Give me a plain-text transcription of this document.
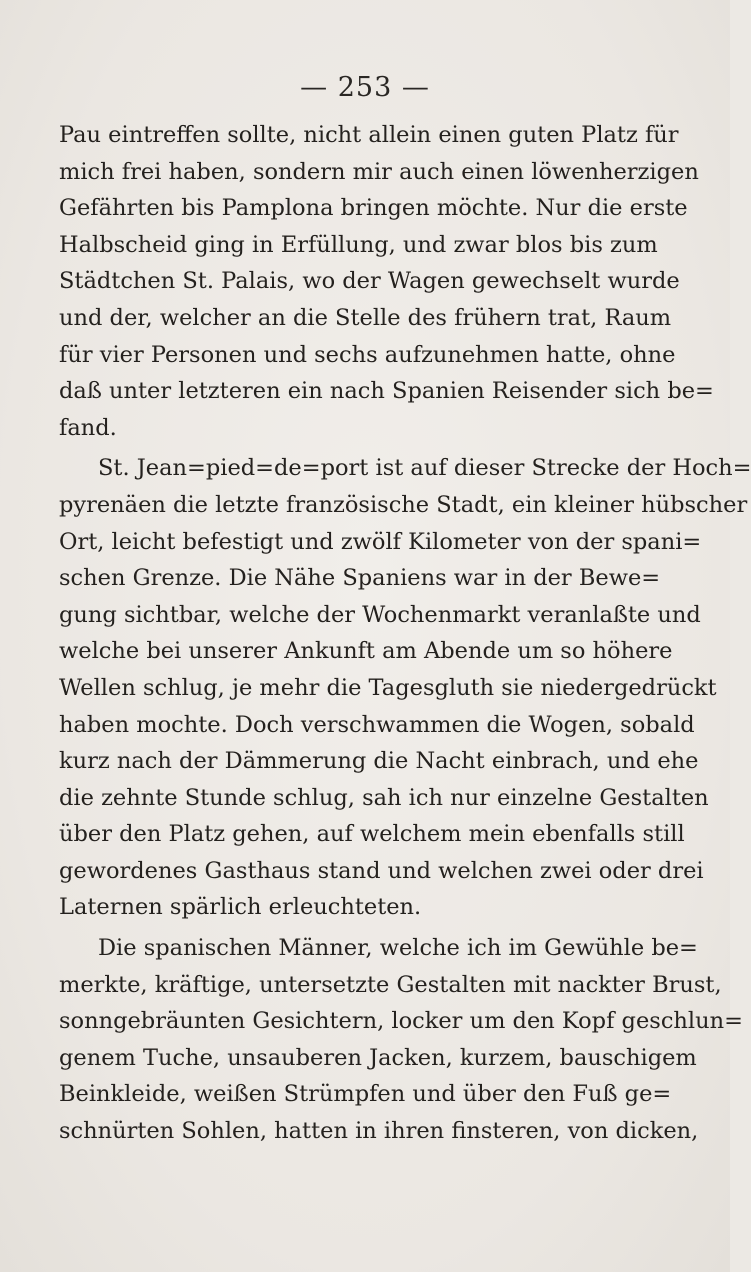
— 253 —
Pau eintreffen sollte, nicht allein einen guten Platz für
mich frei haben, sondern mir auch einen löwenherzigen
Gefährten bis Pamplona bringen möchte. Nur die erste
Halbscheid ging in Erfüllung, und zwar blos bis zum
Städtchen St. Palais, wo der Wagen gewechselt wurde
und der, welcher an die Stelle des frühern trat, Raum
für vier Personen und sechs aufzunehmen hatte, ohne
daß unter letzteren ein nach Spanien Reisender sich be=
fand.
St. Jean=pied=de=port ist auf dieser Strecke der Hoch=
pyrenäen die letzte französische Stadt, ein kleiner hübscher
Ort, leicht befestigt und zwölf Kilometer von der spani=
schen Grenze. Die Nähe Spaniens war in der Bewe=
gung sichtbar, welche der Wochenmarkt veranlaßte und
welche bei unserer Ankunft am Abende um so höhere
Wellen schlug, je mehr die Tagesgluth sie niedergedrückt
haben mochte. Doch verschwammen die Wogen, sobald
kurz nach der Dämmerung die Nacht einbrach, und ehe
die zehnte Stunde schlug, sah ich nur einzelne Gestalten
über den Platz gehen, auf welchem mein ebenfalls still
gewordenes Gasthaus stand und welchen zwei oder drei
Laternen spärlich erleuchteten.
Die spanischen Männer, welche ich im Gewühle be=
merkte, kräftige, untersetzte Gestalten mit nackter Brust,
sonngebräunten Gesichtern, locker um den Kopf geschlun=
genem Tuche, unsauberen Jacken, kurzem, bauschigem
Beinkleide, weißen Strümpfen und über den Fuß ge=
schnürten Sohlen, hatten in ihren finsteren, von dicken,
